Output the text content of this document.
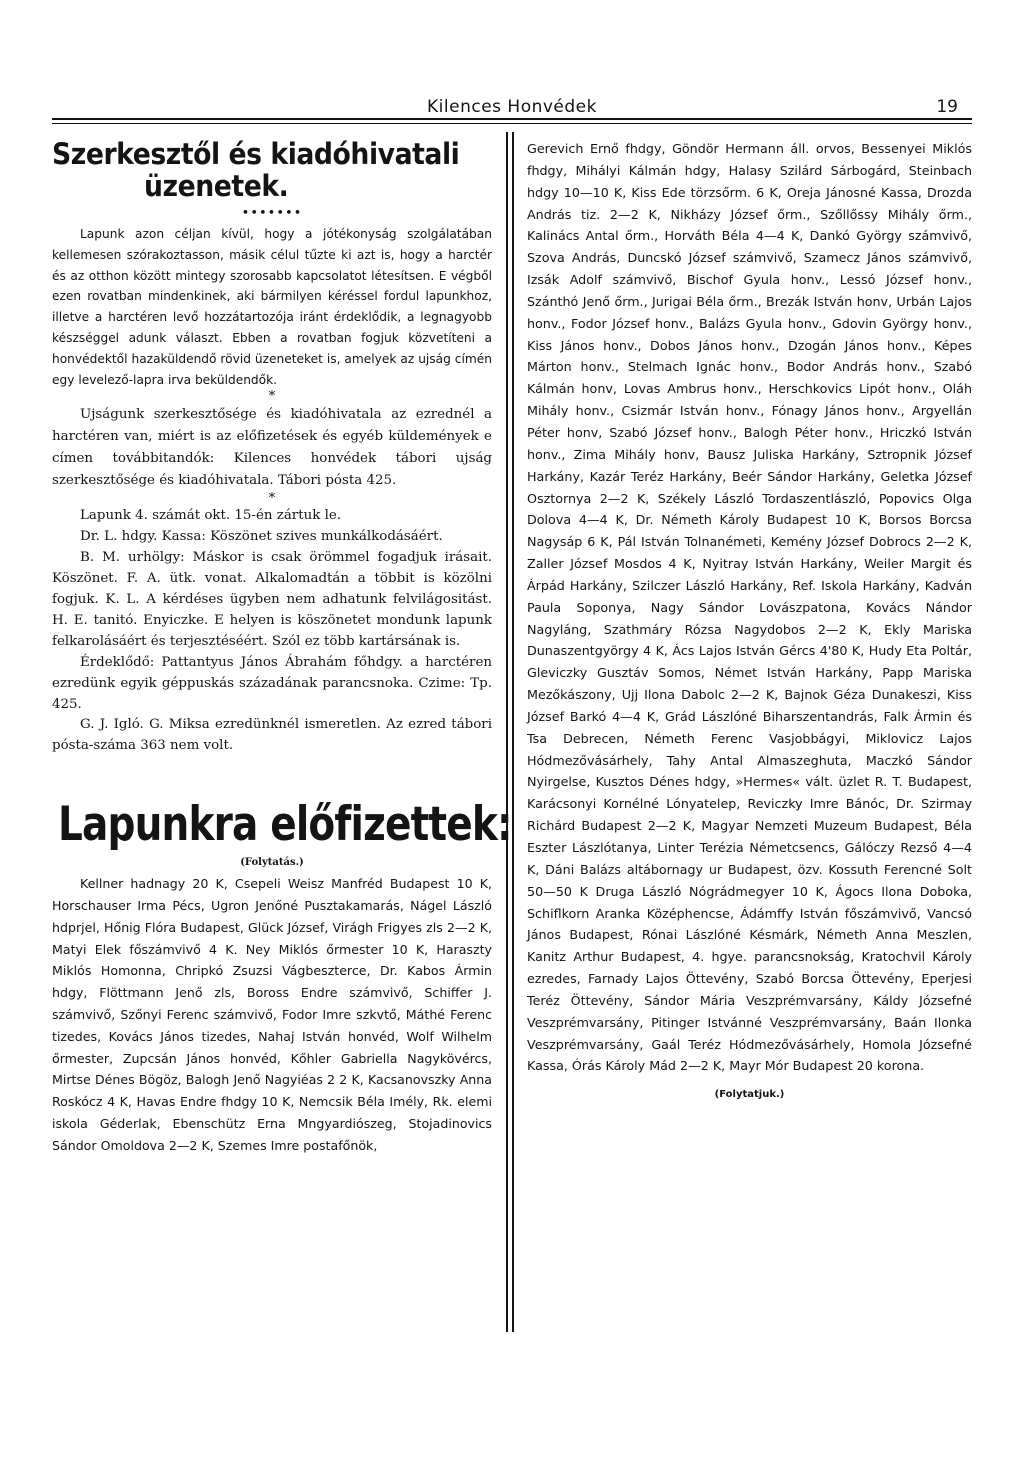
Kilences Honvédek	19
Szerkesztől és kiadóhivatali
üzenetek.
•••••••

Lapunk azon céljan kívül, hogy a jótékonyság szolgálatában kellemesen szórakoztasson, másik célul tűzte ki azt is, hogy a harctér és az otthon között mintegy szorosabb kapcsolatot létesítsen. E végből ezen rovatban mindenkinek, aki bármilyen kéréssel fordul lapunkhoz, illetve a harctéren levő hozzátartozója iránt érdeklődik, a legnagyobb készséggel adunk választ. Ebben a rovatban fogjuk közvetíteni a honvédektől hazaküldendő rövid üzeneteket is, amelyek az ujság címén egy levelező-lapra irva beküldendők.

*

Ujságunk szerkesztősége és kiadóhivatala az ezrednél a harctéren van, miért is az előfizetések és egyéb küldemények e címen továbbitandók: Kilences honvédek tábori ujság szerkesztősége és kiadóhivatala. Tábori pósta 425.

*

Lapunk 4. számát okt. 15-én zártuk le.

Dr. L. hdgy. Kassa: Köszönet szives munkálkodásáért.

B. M. urhölgy: Máskor is csak örömmel fogadjuk irásait. Köszönet. F. A. ütk. vonat. Alkalomadtán a többit is közölni fogjuk. K. L. A kérdéses ügyben nem adhatunk felvilágositást. H. E. tanitó. Enyiczke. E helyen is köszönetet mondunk lapunk felkarolásáért és terjesztéséért. Szól ez több kartársának is.

Érdeklődő: Pattantyus János Ábrahám főhdgy. a harctéren ezredünk egyik géppuskás századának parancsnoka. Czime: Tp. 425.

G. J. Igló. G. Miksa ezredünknél ismeretlen. Az ezred tábori pósta-száma 363 nem volt.

Lapunkra előfizettek:
(Folytatás.)

Kellner hadnagy 20 K, Csepeli Weisz Manfréd Budapest 10 K, Horschauser Irma Pécs, Ugron Jenőné Pusztakamarás, Nágel László hdprjel, Hőnig Flóra Budapest, Glück József, Virágh Frigyes zls 2—2 K, Matyi Elek főszámvivő 4 K. Ney Miklós őrmester 10 K, Haraszty Miklós Homonna, Chripkó Zsuzsi Vágbeszterce, Dr. Kabos Ármin hdgy, Flöttmann Jenő zls, Boross Endre számvivő, Schiffer J. számvivő, Szőnyi Ferenc számvivő, Fodor Imre szkvtő, Máthé Ferenc tizedes, Kovács János tizedes, Nahaj István honvéd, Wolf Wilhelm őrmester, Zupcsán János honvéd, Kőhler Gabriella Nagykövércs, Mirtse Dénes Bögöz, Balogh Jenő Nagyiéas 2 2 K, Kacsanovszky Anna Roskócz 4 K, Havas Endre fhdgy 10 K, Nemcsik Béla Imély, Rk. elemi iskola Géderlak, Ebenschütz Erna Mngyardiószeg, Stojadinovics Sándor Omoldova 2—2 K, Szemes Imre postafőnök,

Gerevich Ernő fhdgy, Göndör Hermann áll. orvos, Bessenyei Miklós fhdgy, Mihályi Kálmán hdgy, Halasy Szilárd Sárbogárd, Steinbach hdgy 10—10 K, Kiss Ede törzsőrm. 6 K, Oreja Jánosné Kassa, Drozda András tiz. 2—2 K, Nikházy József őrm., Szőllőssy Mihály őrm., Kalinács Antal őrm., Horváth Béla 4—4 K, Dankó György számvivő, Szova András, Duncskó József számvivő, Szamecz János számvivő, Izsák Adolf számvivő, Bischof Gyula honv., Lessó József honv., Szánthó Jenő őrm., Jurigai Béla őrm., Brezák István honv, Urbán Lajos honv., Fodor József honv., Balázs Gyula honv., Gdovin György honv., Kiss János honv., Dobos János honv., Dzogán János honv., Képes Márton honv., Stelmach Ignác honv., Bodor András honv., Szabó Kálmán honv, Lovas Ambrus honv., Herschkovics Lipót honv., Oláh Mihály honv., Csizmár István honv., Fónagy János honv., Argyellán Péter honv, Szabó József honv., Balogh Péter honv., Hriczkó István honv., Zima Mihály honv, Bausz Juliska Harkány, Sztropnik József Harkány, Kazár Teréz Harkány, Beér Sándor Harkány, Geletka József Osztornya 2—2 K, Székely László Tordaszentlászló, Popovics Olga Dolova 4—4 K, Dr. Németh Károly Budapest 10 K, Borsos Borcsa Nagysáp 6 K, Pál István Tolnanémeti, Kemény József Dobrocs 2—2 K, Zaller József Mosdos 4 K, Nyitray István Harkány, Weiler Margit és Árpád Harkány, Szilczer László Harkány, Ref. Iskola Harkány, Kadván Paula Soponya, Nagy Sándor Lovászpatona, Kovács Nándor Nagyláng, Szathmáry Rózsa Nagydobos 2—2 K, Ekly Mariska Dunaszentgyörgy 4 K, Ács Lajos István Gércs 4'80 K, Hudy Eta Poltár, Gleviczky Gusztáv Somos, Német István Harkány, Papp Mariska Mezőkászony, Ujj Ilona Dabolc 2—2 K, Bajnok Géza Dunakeszi, Kiss József Barkó 4—4 K, Grád Lászlóné Biharszentandrás, Falk Ármin és Tsa Debrecen, Németh Ferenc Vasjobbágyi, Miklovicz Lajos Hódmezővásárhely, Tahy Antal Almaszeghuta, Maczkó Sándor Nyirgelse, Kusztos Dénes hdgy, »Hermes« vált. üzlet R. T. Budapest, Karácsonyi Kornélné Lónyatelep, Reviczky Imre Bánóc, Dr. Szirmay Richárd Budapest 2—2 K, Magyar Nemzeti Muzeum Budapest, Béla Eszter Lászlótanya, Linter Terézia Németcsencs, Gálóczy Rezső 4—4 K, Dáni Balázs altábornagy ur Budapest, özv. Kossuth Ferencné Solt 50—50 K Druga László Nógrádmegyer 10 K, Ágocs Ilona Doboka, Schiflkorn Aranka Középhencse, Ádámffy István főszámvivő, Vancsó János Budapest, Rónai Lászlóné Késmárk, Németh Anna Meszlen, Kanitz Arthur Budapest, 4. hgye. parancsnokság, Kratochvil Károly ezredes, Farnady Lajos Öttevény, Szabó Borcsa Öttevény, Eperjesi Teréz Öttevény, Sándor Mária Veszprémvarsány, Káldy Józsefné Veszprémvarsány, Pitinger Istvánné Veszprémvarsány, Baán Ilonka Veszprémvarsány, Gaál Teréz Hódmezővásárhely, Homola Józsefné Kassa, Órás Károly Mád 2—2 K, Mayr Mór Budapest 20 korona.

(Folytatjuk.)
